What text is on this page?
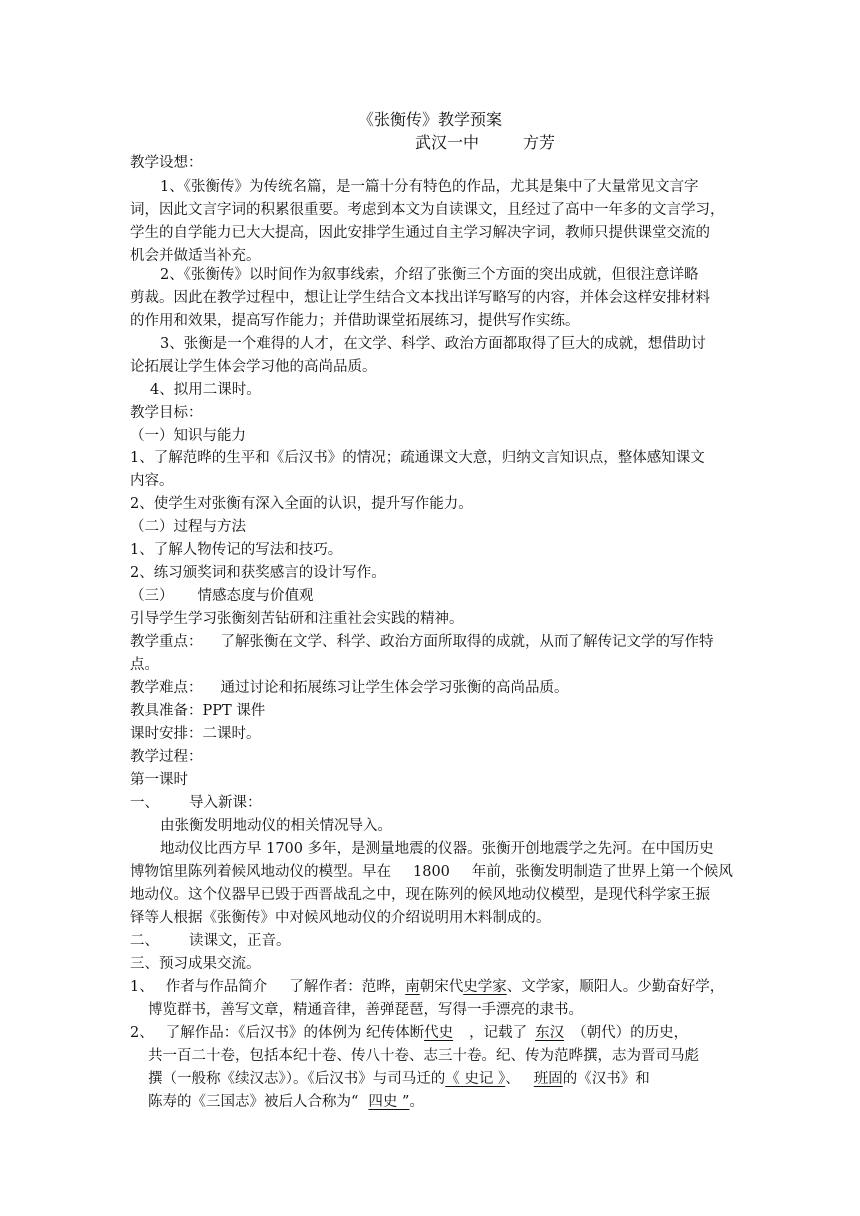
《张衡传》教学预案
武汉一中	方芳
教学设想：
1、《张衡传》为传统名篇，是一篇十分有特色的作品，尤其是集中了大量常见文言字
词，因此文言字词的积累很重要。考虑到本文为自读课文，且经过了高中一年多的文言学习，
学生的自学能力已大大提高，因此安排学生通过自主学习解决字词，教师只提供课堂交流的
机会并做适当补充。
2、《张衡传》以时间作为叙事线索，介绍了张衡三个方面的突出成就，但很注意详略
剪裁。因此在教学过程中，想让让学生结合文本找出详写略写的内容，并体会这样安排材料
的作用和效果，提高写作能力；并借助课堂拓展练习，提供写作实练。
3、张衡是一个难得的人才，在文学、科学、政治方面都取得了巨大的成就，想借助讨
论拓展让学生体会学习他的高尚品质。
4、拟用二课时。
教学目标：
（一）知识与能力
1、了解范晔的生平和《后汉书》的情况；疏通课文大意，归纳文言知识点，整体感知课文
内容。
2、使学生对张衡有深入全面的认识，提升写作能力。
（二）过程与方法
1、了解人物传记的写法和技巧。
2、练习颁奖词和获奖感言的设计写作。
（三） 情感态度与价值观
引导学生学习张衡刻苦钻研和注重社会实践的精神。
教学重点： 了解张衡在文学、科学、政治方面所取得的成就，从而了解传记文学的写作特
点。
教学难点： 通过讨论和拓展练习让学生体会学习张衡的高尚品质。
教具准备：PPT 课件
课时安排：二课时。
教学过程：
第一课时
一、 导入新课：
由张衡发明地动仪的相关情况导入。
地动仪比西方早 1700 多年，是测量地震的仪器。张衡开创地震学之先河。在中国历史
博物馆里陈列着候风地动仪的模型。早在 1800 年前，张衡发明制造了世界上第一个候风
地动仪。这个仪器早已毁于西晋战乱之中，现在陈列的候风地动仪模型，是现代科学家王振
铎等人根据《张衡传》中对候风地动仪的介绍说明用木料制成的。
二、 读课文，正音。
三、预习成果交流。
1、 作者与作品简介 了解作者：范晔，南朝宋代史学家、文学家，顺阳人。少勤奋好学，
博览群书，善写文章，精通音律，善弹琵琶，写得一手漂亮的隶书。
2、 了解作品：《后汉书》的体例为 纪传体断代史 ，记载了 东汉 （朝代）的历史，
共一百二十卷，包括本纪十卷、传八十卷、志三十卷。纪、传为范晔撰，志为晋司马彪
撰（一般称《续汉志》）。《后汉书》与司马迁的《 史记 》、 班固的《汉书》和
陈寿的《三国志》被后人合称为“ 四史 ”。
